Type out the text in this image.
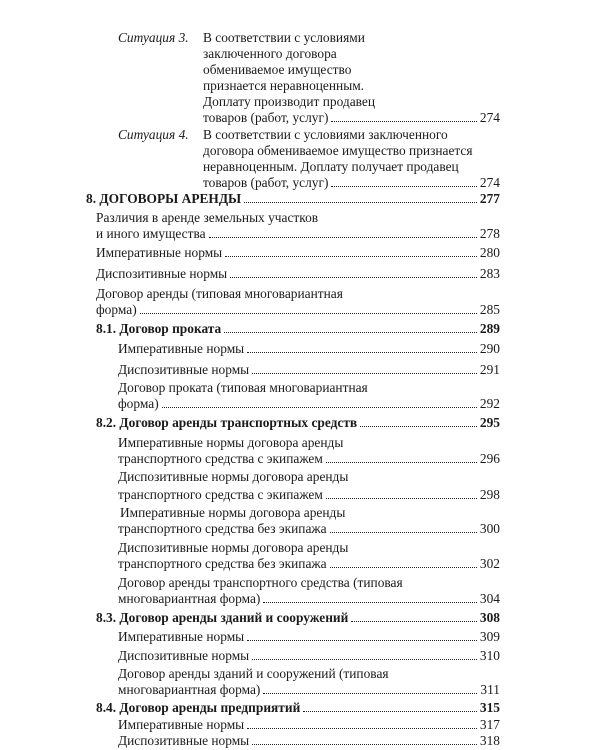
Ситуация 3. В соответствии с условиями
заключенного договора
обмениваемое имущество
признается неравноценным.
Доплату производит продавец
товаров (работ, услуг)	274
Ситуация 4. В соответствии с условиями заключенного
договора обмениваемое имущество признается
неравноценным. Доплату получает продавец
товаров (работ, услуг)	274
8. ДОГОВОРЫ АРЕНДЫ	277
Различия в аренде земельных участков
и иного имущества	278
Императивные нормы	280
Диспозитивные нормы	283
Договор аренды (типовая многовариантная
форма)	285
8.1. Договор проката	289
Императивные нормы	290
Диспозитивные нормы	291
Договор проката (типовая многовариантная
форма)	292
8.2. Договор аренды транспортных средств	295
Императивные нормы договора аренды
транспортного средства с экипажем	296
Диспозитивные нормы договора аренды
транспортного средства с экипажем	298
Императивные нормы договора аренды
транспортного средства без экипажа	300
Диспозитивные нормы договора аренды
транспортного средства без экипажа	302
Договор аренды транспортного средства (типовая
многовариантная форма)	304
8.3. Договор аренды зданий и сооружений	308
Императивные нормы	309
Диспозитивные нормы	310
Договор аренды зданий и сооружений (типовая
многовариантная форма)	311
8.4. Договор аренды предприятий	315
Императивные нормы	317
Диспозитивные нормы	318
